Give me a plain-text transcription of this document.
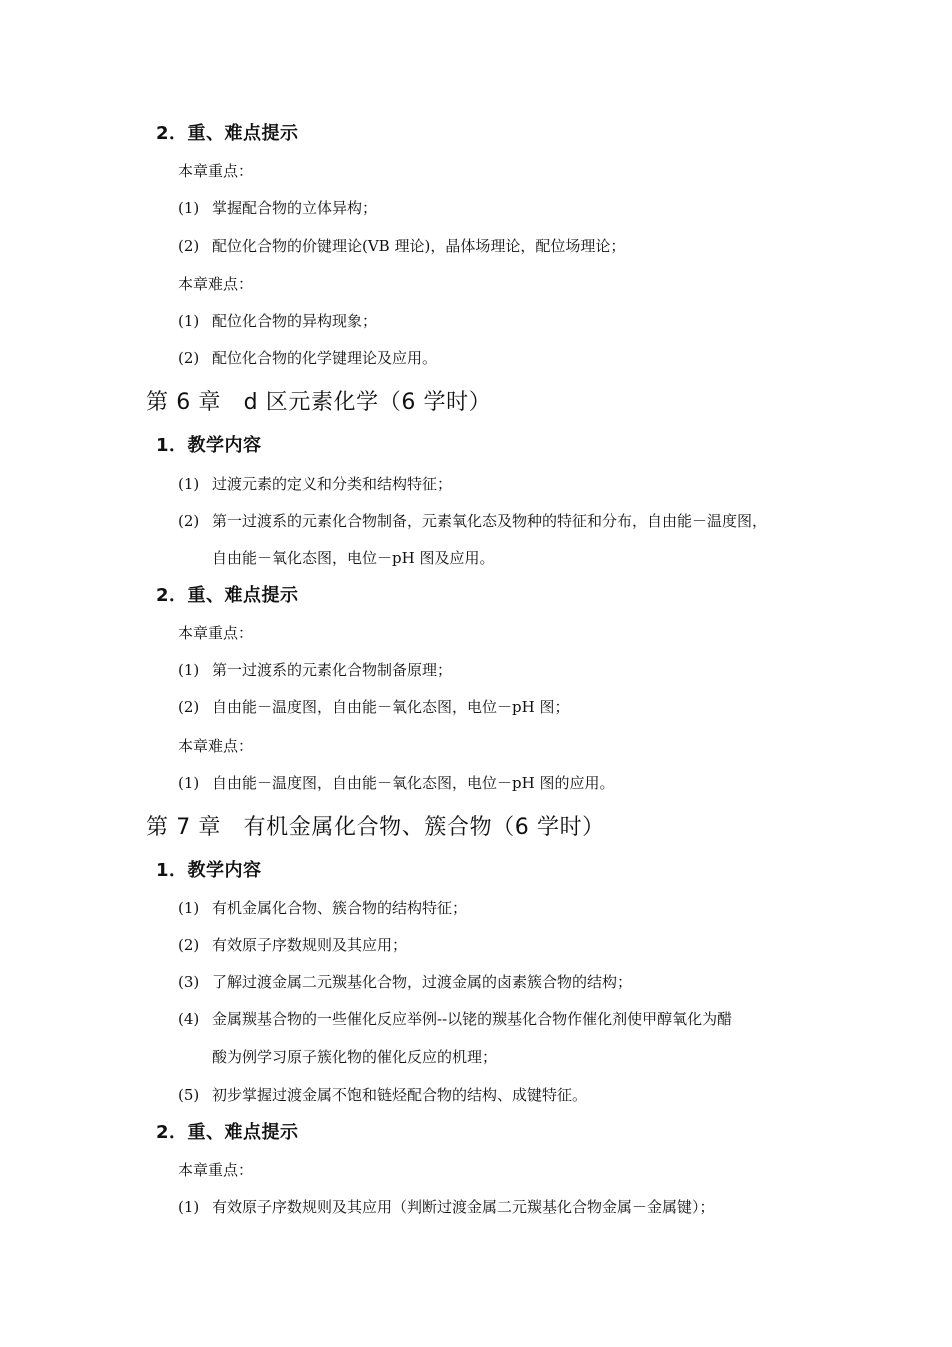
2．重、难点提示
本章重点：
(1) 掌握配合物的立体异构；
(2) 配位化合物的价键理论(VB 理论)，晶体场理论，配位场理论；
本章难点：
(1) 配位化合物的异构现象；
(2) 配位化合物的化学键理论及应用。
第 6 章　d 区元素化学（6 学时）
1．教学内容
(1) 过渡元素的定义和分类和结构特征；
(2) 第一过渡系的元素化合物制备，元素氧化态及物种的特征和分布，自由能－温度图，
自由能－氧化态图，电位－pH 图及应用。
2．重、难点提示
本章重点：
(1) 第一过渡系的元素化合物制备原理；
(2) 自由能－温度图，自由能－氧化态图，电位－pH 图；
本章难点：
(1) 自由能－温度图，自由能－氧化态图，电位－pH 图的应用。
第 7 章　有机金属化合物、簇合物（6 学时）
1．教学内容
(1) 有机金属化合物、簇合物的结构特征；
(2) 有效原子序数规则及其应用；
(3) 了解过渡金属二元羰基化合物，过渡金属的卤素簇合物的结构；
(4) 金属羰基合物的一些催化反应举例--以铑的羰基化合物作催化剂使甲醇氧化为醋
酸为例学习原子簇化物的催化反应的机理；
(5) 初步掌握过渡金属不饱和链烃配合物的结构、成键特征。
2．重、难点提示
本章重点：
(1) 有效原子序数规则及其应用（判断过渡金属二元羰基化合物金属－金属键）；
